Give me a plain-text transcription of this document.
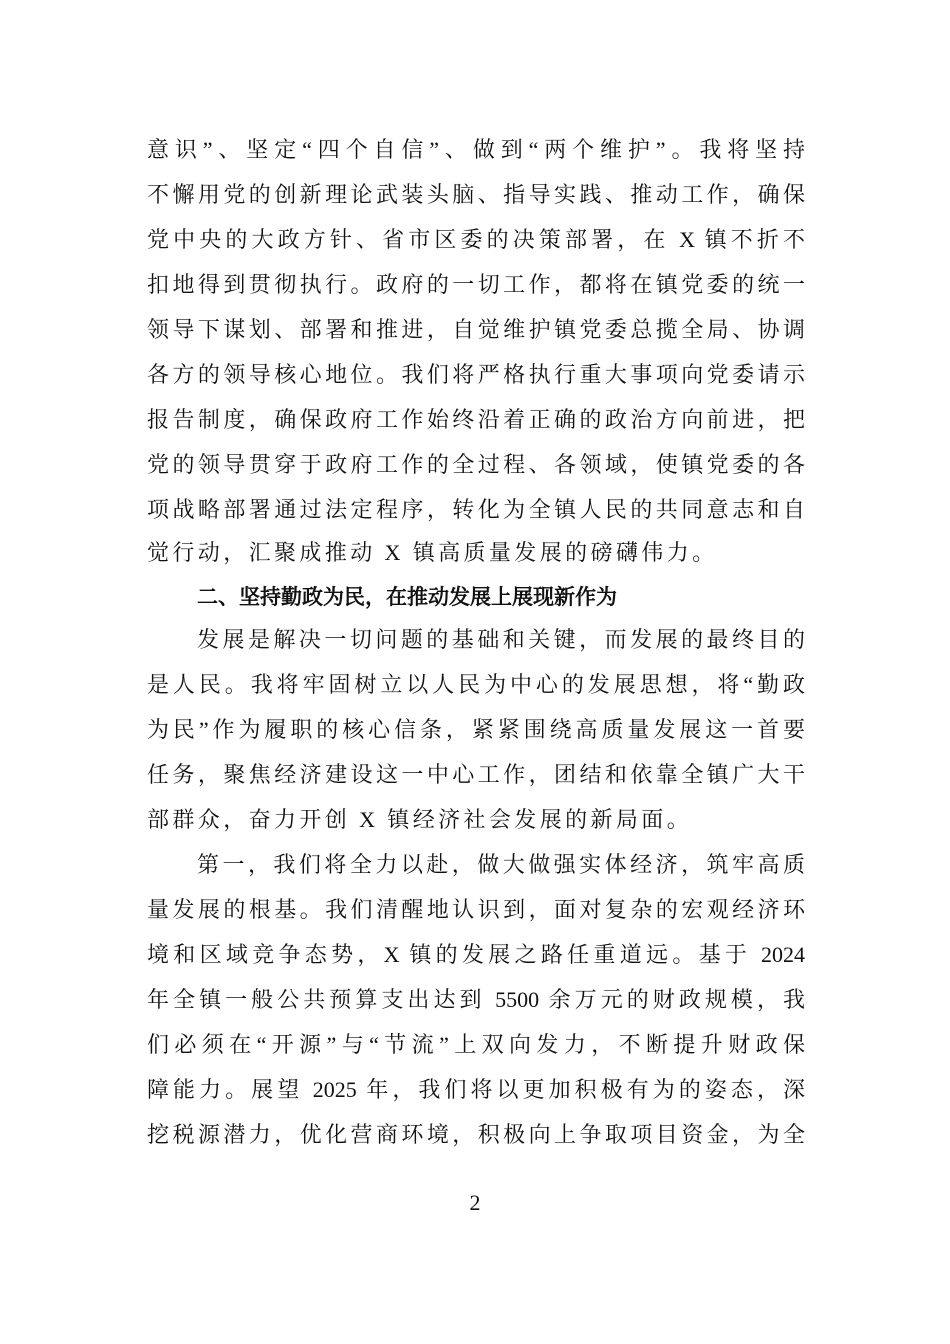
意识”、坚定“四个自信”、做到“两个维护”。我将坚持
不懈用党的创新理论武装头脑、指导实践、推动工作，确保
党中央的大政方针、省市区委的决策部署，在 X 镇不折不
扣地得到贯彻执行。政府的一切工作，都将在镇党委的统一
领导下谋划、部署和推进，自觉维护镇党委总揽全局、协调
各方的领导核心地位。我们将严格执行重大事项向党委请示
报告制度，确保政府工作始终沿着正确的政治方向前进，把
党的领导贯穿于政府工作的全过程、各领域，使镇党委的各
项战略部署通过法定程序，转化为全镇人民的共同意志和自
觉行动，汇聚成推动 X 镇高质量发展的磅礴伟力。
二、坚持勤政为民，在推动发展上展现新作为
发展是解决一切问题的基础和关键，而发展的最终目的
是人民。我将牢固树立以人民为中心的发展思想，将“勤政
为民”作为履职的核心信条，紧紧围绕高质量发展这一首要
任务，聚焦经济建设这一中心工作，团结和依靠全镇广大干
部群众，奋力开创 X 镇经济社会发展的新局面。
第一，我们将全力以赴，做大做强实体经济，筑牢高质
量发展的根基。我们清醒地认识到，面对复杂的宏观经济环
境和区域竞争态势，X 镇的发展之路任重道远。基于 2024
年全镇一般公共预算支出达到 5500 余万元的财政规模，我
们必须在“开源”与“节流”上双向发力，不断提升财政保
障能力。展望 2025 年，我们将以更加积极有为的姿态，深
挖税源潜力，优化营商环境，积极向上争取项目资金，为全
2
